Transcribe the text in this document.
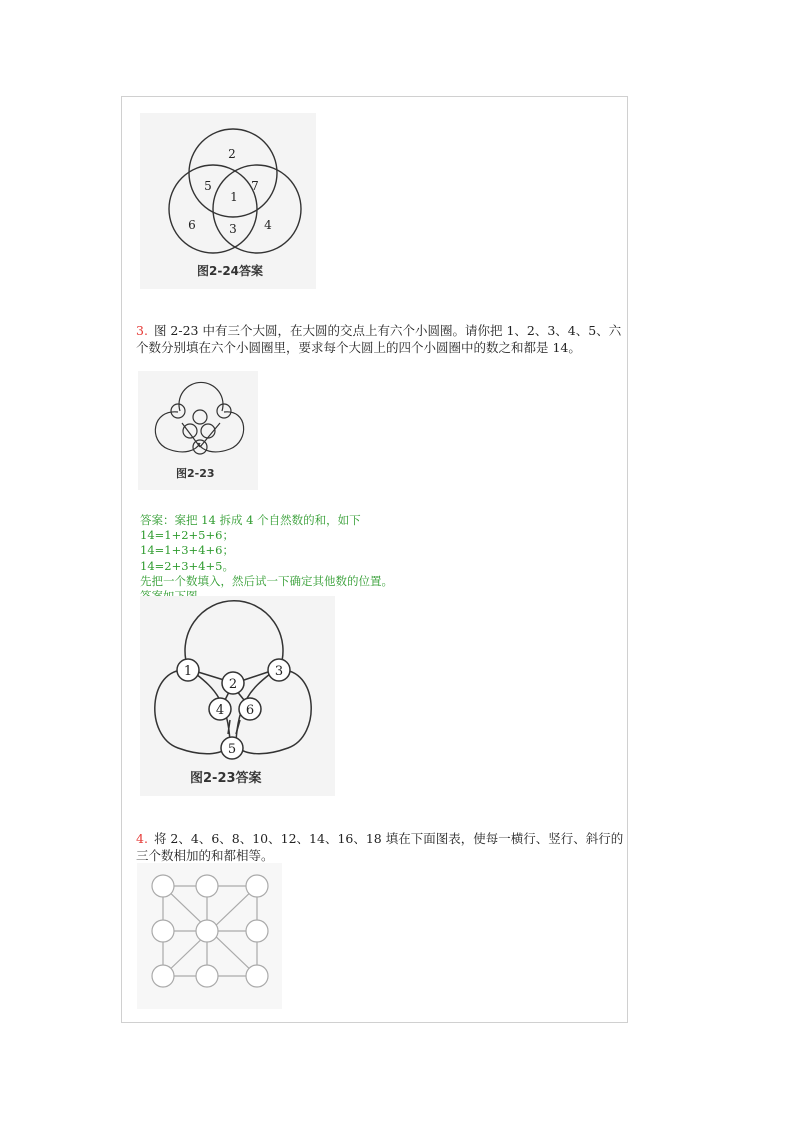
2
5	7
1
6	3 4
图2-24答案
3. 图 2-23 中有三个大圆，在大圆的交点上有六个小圆圈。请你把 1、2、3、4、5、六个数分别填在六个小圆圈里，要求每个大圆上的四个小圆圈中的数之和都是 14。
图2-23
答案：案把 14 拆成 4 个自然数的和，如下
14=1+2+5+6；
14=1+3+4+6；
14=2+3+4+5。
先把一个数填入，然后试一下确定其他数的位置。
1
2
3
4 6
5
图2-23答案
4. 将 2、4、6、8、10、12、14、16、18 填在下面图表，使每一横行、竖行、斜行的三个数相加的和都相等。
